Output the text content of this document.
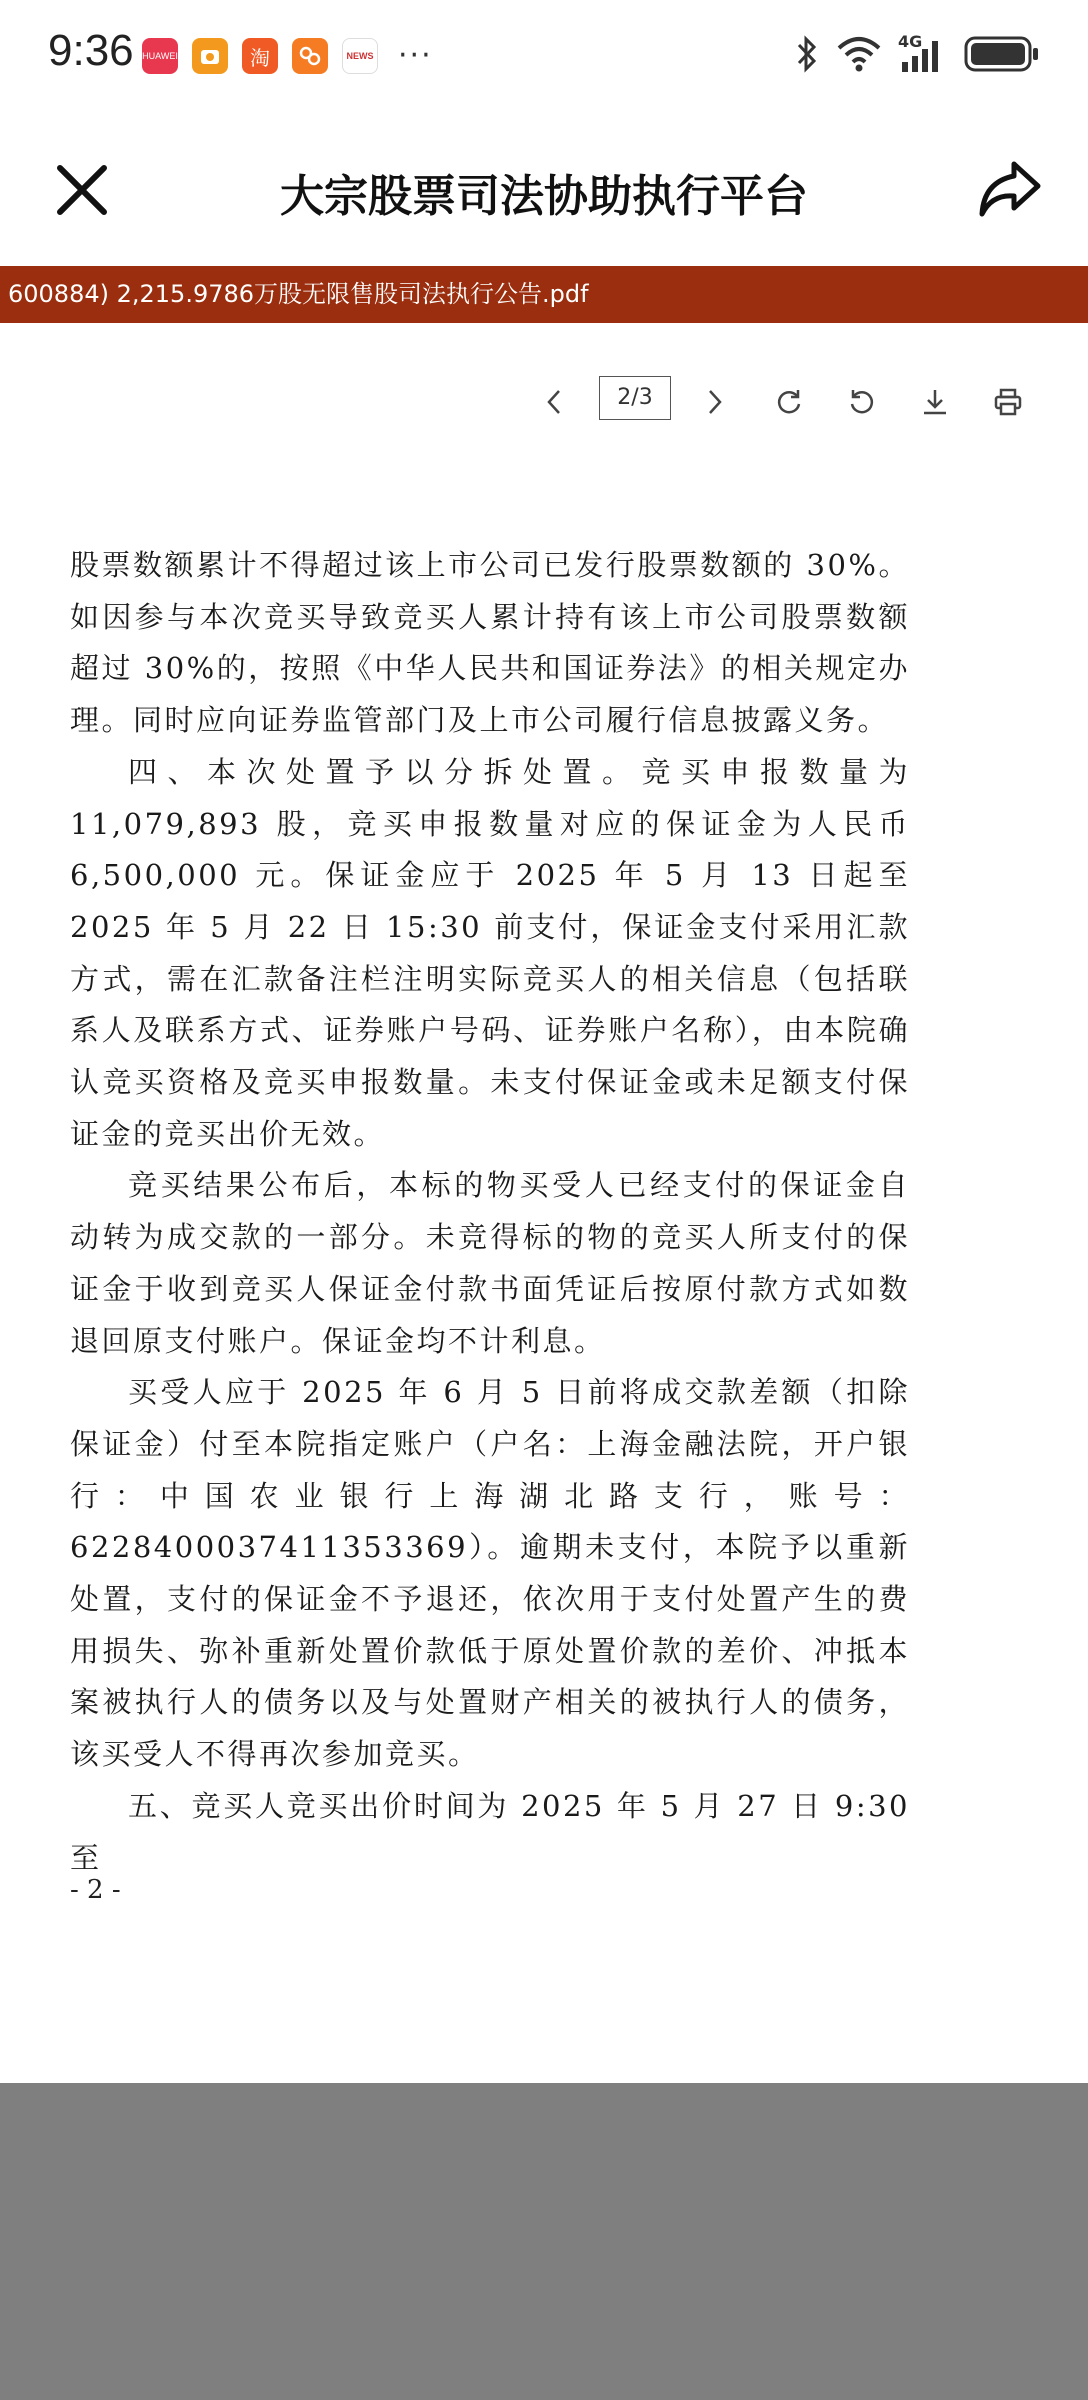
9:36 HUAWEI	淘	NEWS ···	4G
大宗股票司法协助执行平台
600884) 2,215.9786万股无限售股司法执行公告.pdf
2/3

股票数额累计不得超过该上市公司已发行股票数额的 30%。如因参与本次竞买导致竞买人累计持有该上市公司股票数额超过 30%的，按照《中华人民共和国证券法》的相关规定办理。同时应向证券监管部门及上市公司履行信息披露义务。

四、本次处置予以分拆处置。竞买申报数量为11,079,893 股，竞买申报数量对应的保证金为人民币6,500,000 元。保证金应于 2025 年 5 月 13 日起至 2025 年 5 月 22 日 15:30 前支付，保证金支付采用汇款方式，需在汇款备注栏注明实际竞买人的相关信息（包括联系人及联系方式、证券账户号码、证券账户名称），由本院确认竞买资格及竞买申报数量。未支付保证金或未足额支付保证金的竞买出价无效。

竞买结果公布后，本标的物买受人已经支付的保证金自动转为成交款的一部分。未竞得标的物的竞买人所支付的保证金于收到竞买人保证金付款书面凭证后按原付款方式如数退回原支付账户。保证金均不计利息。

买受人应于 2025 年 6 月 5 日前将成交款差额（扣除保证金）付至本院指定账户（户名：上海金融法院，开户银行：中国农业银行上海湖北路支行，账号：6228400037411353369）。逾期未支付，本院予以重新处置，支付的保证金不予退还，依次用于支付处置产生的费用损失、弥补重新处置价款低于原处置价款的差价、冲抵本案被执行人的债务以及与处置财产相关的被执行人的债务，该买受人不得再次参加竞买。

五、竞买人竞买出价时间为 2025 年 5 月 27 日 9:30 至

- 2 -
